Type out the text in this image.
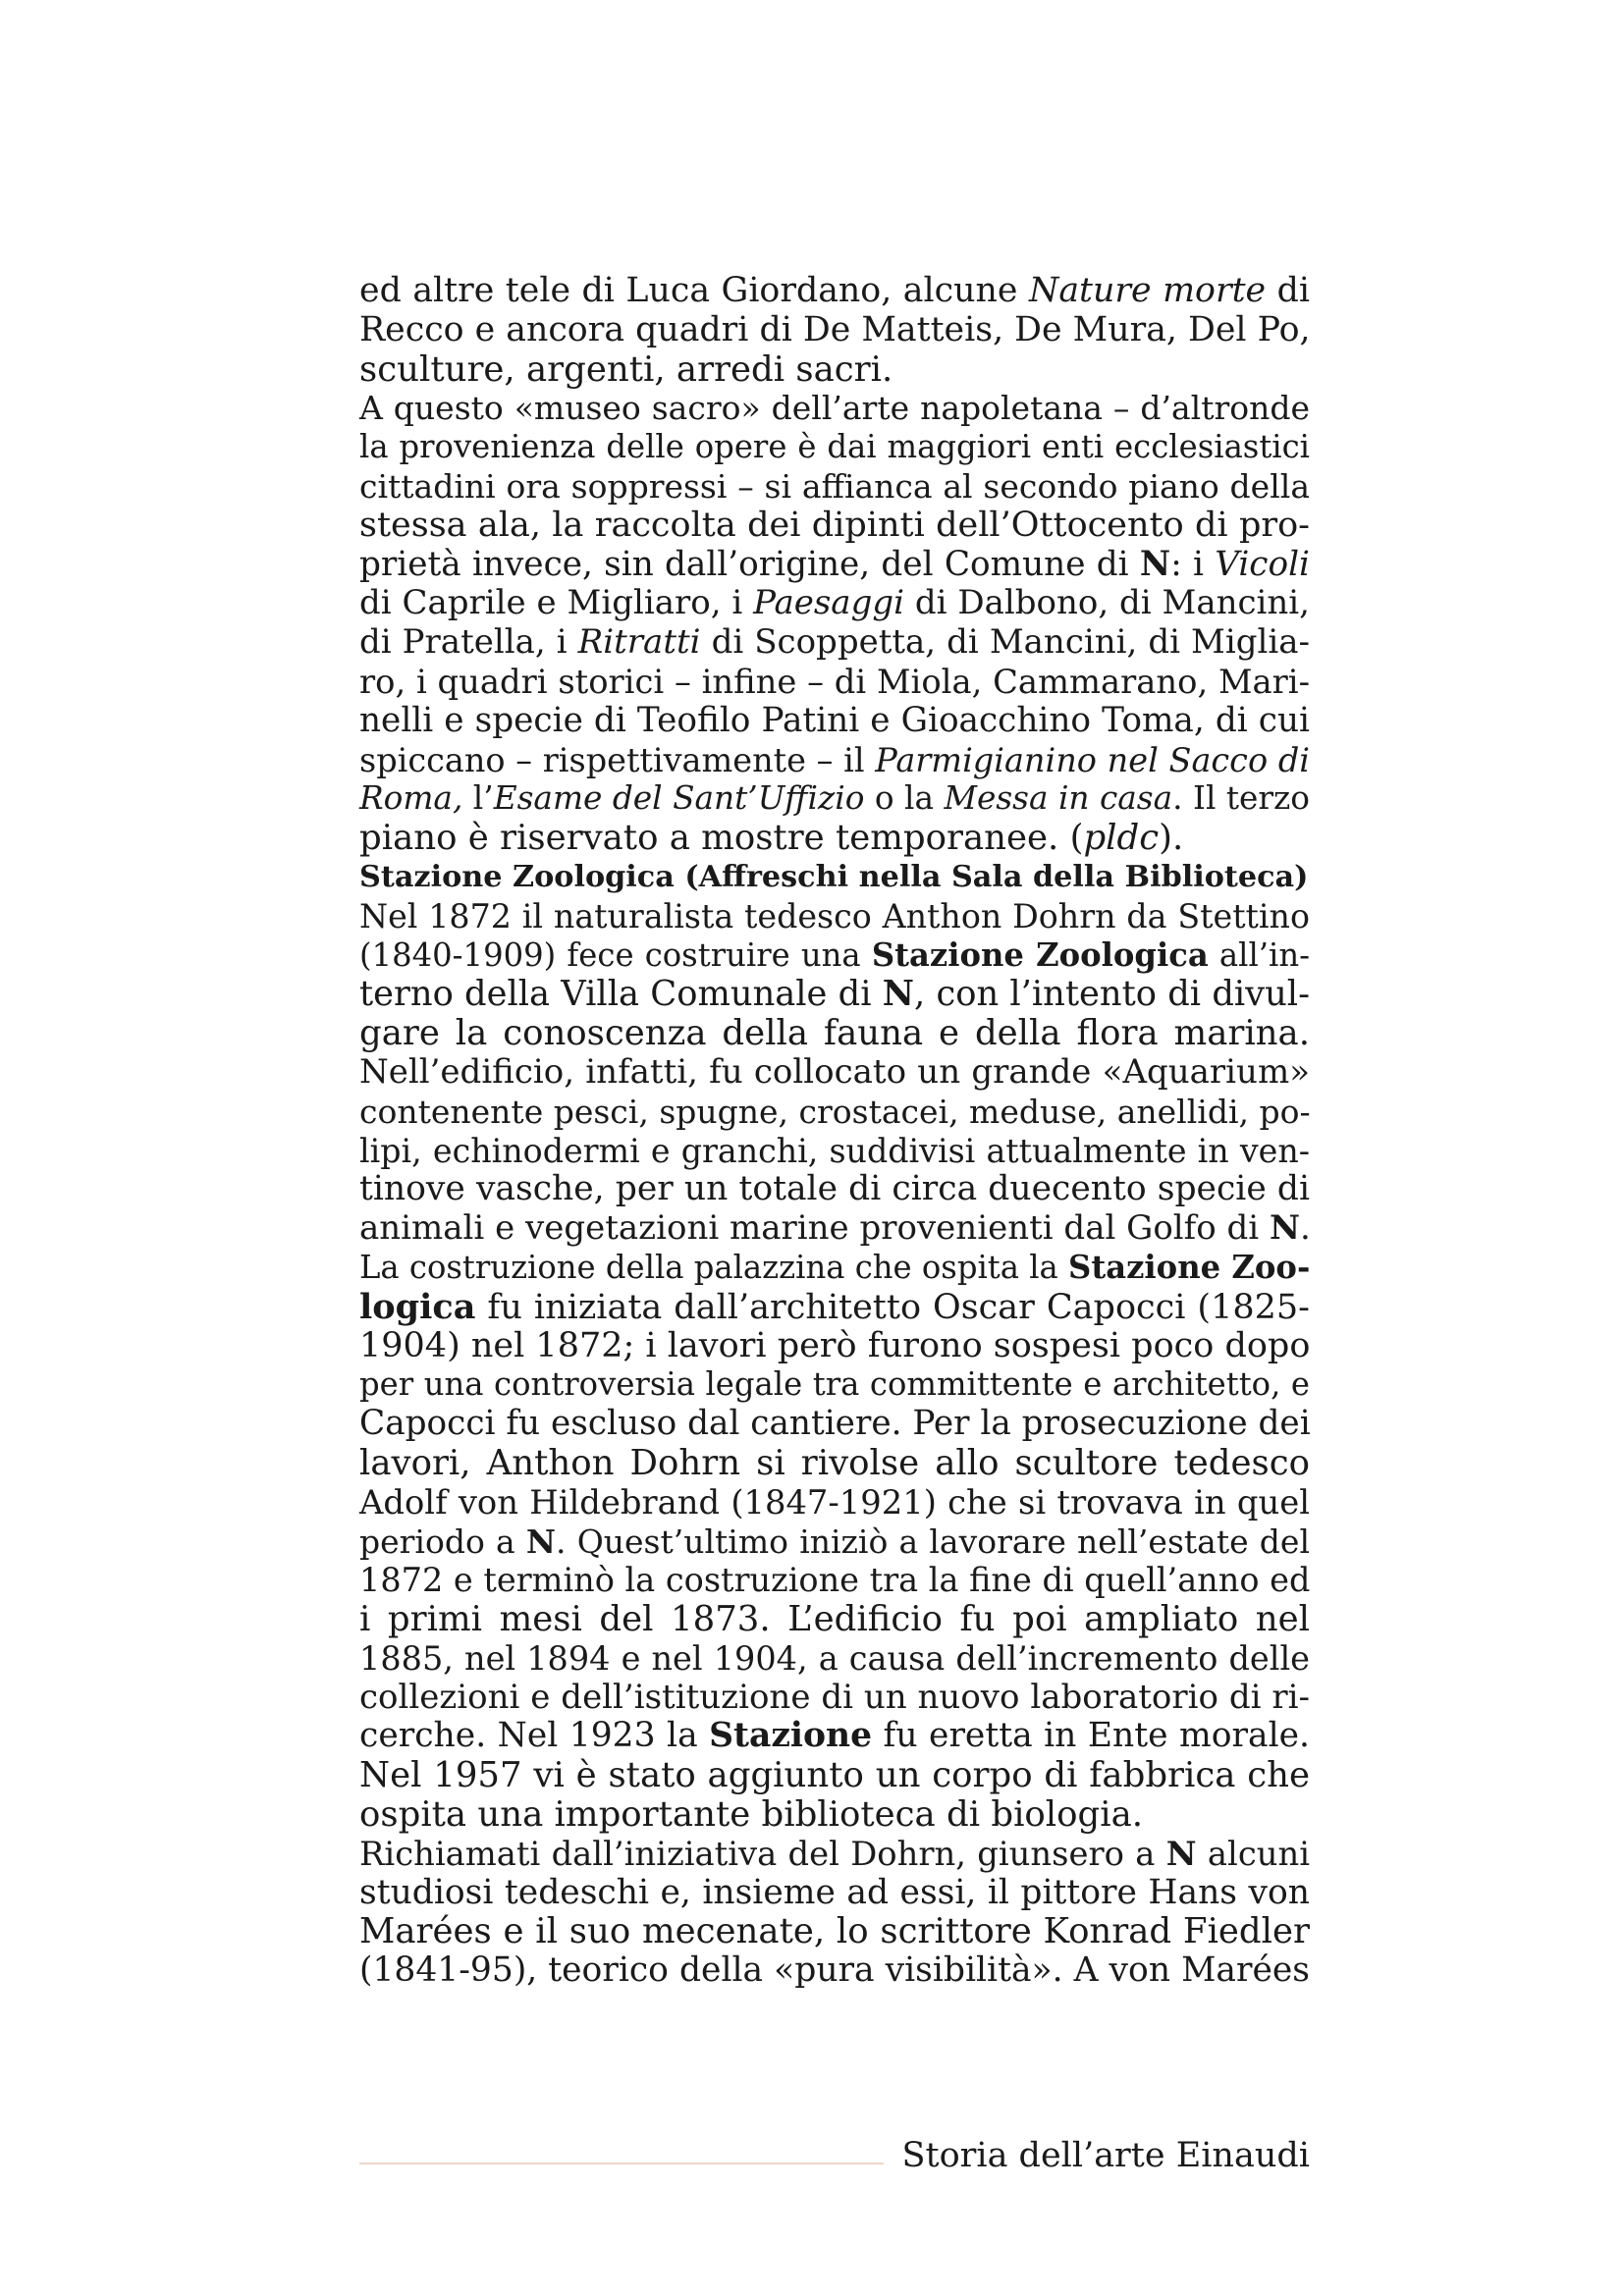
ed altre tele di Luca Giordano, alcune Nature morte di
Recco e ancora quadri di De Matteis, De Mura, Del Po,
sculture, argenti, arredi sacri.
A questo «museo sacro» dell’arte napoletana – d’altronde
la provenienza delle opere è dai maggiori enti ecclesiastici
cittadini ora soppressi – si affianca al secondo piano della
stessa ala, la raccolta dei dipinti dell’Ottocento di pro-
prietà invece, sin dall’origine, del Comune di N: i Vicoli
di Caprile e Migliaro, i Paesaggi di Dalbono, di Mancini,
di Pratella, i Ritratti di Scoppetta, di Mancini, di Miglia-
ro, i quadri storici – infine – di Miola, Cammarano, Mari-
nelli e specie di Teofilo Patini e Gioacchino Toma, di cui
spiccano – rispettivamente – il Parmigianino nel Sacco di
Roma, l’Esame del Sant’Uffizio o la Messa in casa. Il terzo
piano è riservato a mostre temporanee. (pldc).
Stazione Zoologica (Affreschi nella Sala della Biblioteca)
Nel 1872 il naturalista tedesco Anthon Dohrn da Stettino
(1840-1909) fece costruire una Stazione Zoologica all’in-
terno della Villa Comunale di N, con l’intento di divul-
gare la conoscenza della fauna e della flora marina.
Nell’edificio, infatti, fu collocato un grande «Aquarium»
contenente pesci, spugne, crostacei, meduse, anellidi, po-
lipi, echinodermi e granchi, suddivisi attualmente in ven-
tinove vasche, per un totale di circa duecento specie di
animali e vegetazioni marine provenienti dal Golfo di N.
La costruzione della palazzina che ospita la Stazione Zoo-
logica fu iniziata dall’architetto Oscar Capocci (1825-
1904) nel 1872; i lavori però furono sospesi poco dopo
per una controversia legale tra committente e architetto, e
Capocci fu escluso dal cantiere. Per la prosecuzione dei
lavori, Anthon Dohrn si rivolse allo scultore tedesco
Adolf von Hildebrand (1847-1921) che si trovava in quel
periodo a N. Quest’ultimo iniziò a lavorare nell’estate del
1872 e terminò la costruzione tra la fine di quell’anno ed
i primi mesi del 1873. L’edificio fu poi ampliato nel
1885, nel 1894 e nel 1904, a causa dell’incremento delle
collezioni e dell’istituzione di un nuovo laboratorio di ri-
cerche. Nel 1923 la Stazione fu eretta in Ente morale.
Nel 1957 vi è stato aggiunto un corpo di fabbrica che
ospita una importante biblioteca di biologia.
Richiamati dall’iniziativa del Dohrn, giunsero a N alcuni
studiosi tedeschi e, insieme ad essi, il pittore Hans von
Marées e il suo mecenate, lo scrittore Konrad Fiedler
(1841-95), teorico della «pura visibilità». A von Marées
Storia dell’arte Einaudi
